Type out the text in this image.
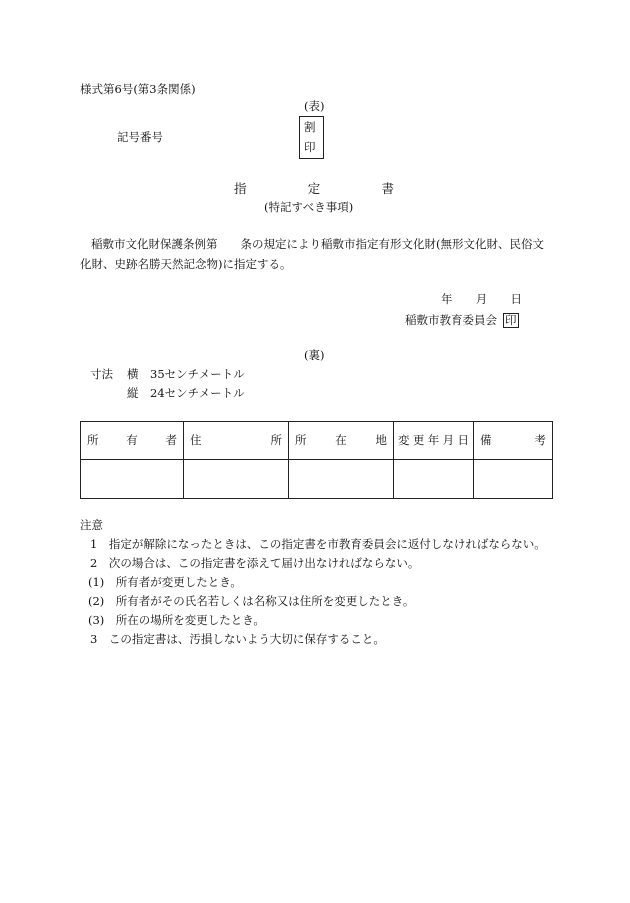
様式第6号(第3条関係)
(表)
割
印
記号番号
指	定	書
(特記すべき事項)
稲敷市文化財保護条例第　　条の規定により稲敷市指定有形文化財(無形文化財、民俗文
化財、史跡名勝天然記念物)に指定する。
年 月 日
稲敷市教育委員会 印
(裏)
寸法 横　35センチメートル
縦　24センチメートル
所 有 者	住 所	所 在 地	変 更 年 月 日	備 考

注意
1　指定が解除になったときは、この指定書を市教育委員会に返付しなければならない。
2　次の場合は、この指定書を添えて届け出なければならない。
(1)　所有者が変更したとき。
(2)　所有者がその氏名若しくは名称又は住所を変更したとき。
(3)　所在の場所を変更したとき。
3　この指定書は、汚損しないよう大切に保存すること。
